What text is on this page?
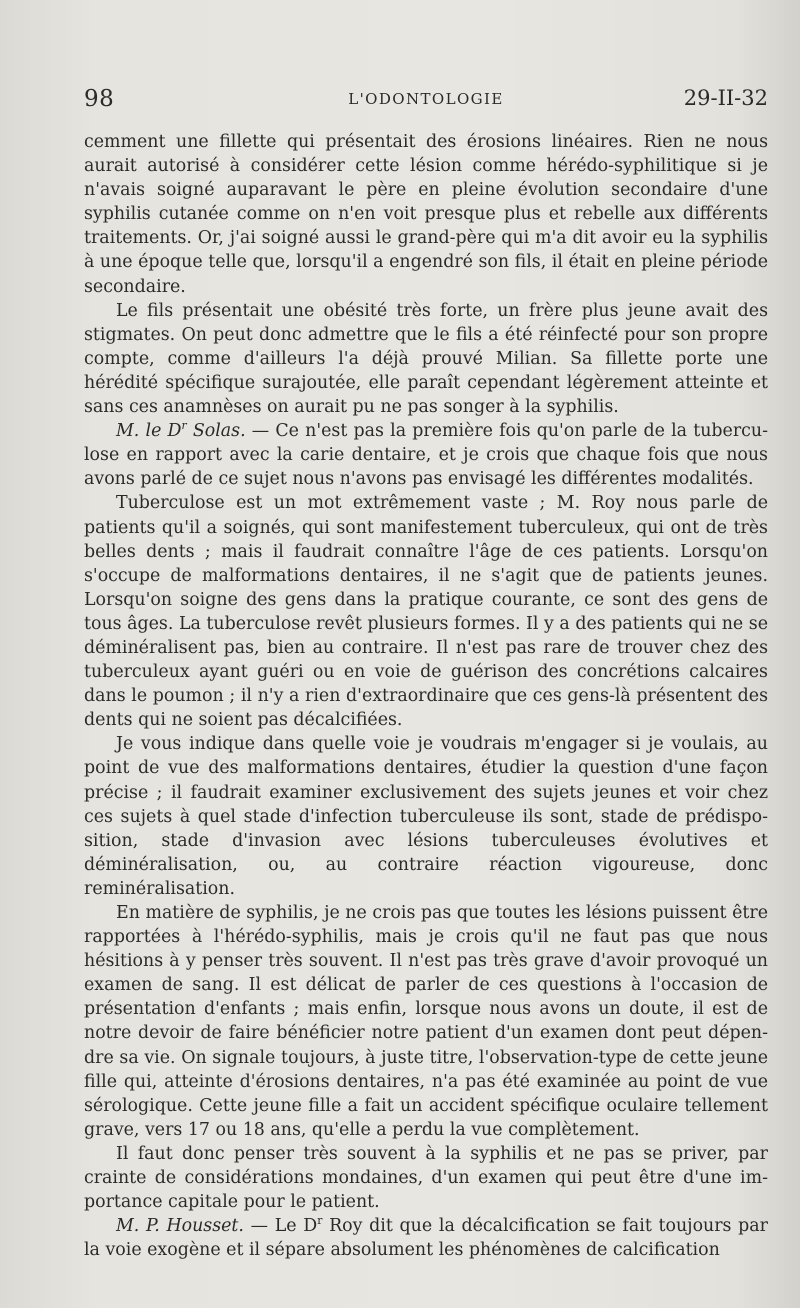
98	L'ODONTOLOGIE	29-II-32

cemment une fillette qui présentait des érosions linéaires. Rien ne nous aurait autorisé à considérer cette lésion comme hérédo-syphilitique si je n'avais soigné auparavant le père en pleine évolution secondaire d'une syphilis cutanée comme on n'en voit presque plus et rebelle aux différents traitements. Or, j'ai soigné aussi le grand-père qui m'a dit avoir eu la syphilis à une époque telle que, lorsqu'il a engendré son fils, il était en pleine période secondaire.

Le fils présentait une obésité très forte, un frère plus jeune avait des stigmates. On peut donc admettre que le fils a été réinfecté pour son propre compte, comme d'ailleurs l'a déjà prouvé Milian. Sa fillette porte une hérédité spécifique surajoutée, elle paraît cependant légèrement atteinte et sans ces anamnèses on aurait pu ne pas songer à la syphilis.

M. le $D^r$ Solas. — Ce n'est pas la première fois qu'on parle de la tuberculose en rapport avec la carie dentaire, et je crois que chaque fois que nous avons parlé de ce sujet nous n'avons pas envisagé les différentes modalités.

Tuberculose est un mot extrêmement vaste ; M. Roy nous parle de patients qu'il a soignés, qui sont manifestement tuberculeux, qui ont de très belles dents ; mais il faudrait connaître l'âge de ces patients. Lorsqu'on s'occupe de malformations dentaires, il ne s'agit que de patients jeunes. Lorsqu'on soigne des gens dans la pratique courante, ce sont des gens de tous âges. La tuberculose revêt plusieurs formes. Il y a des patients qui ne se déminéralisent pas, bien au contraire. Il n'est pas rare de trouver chez des tuberculeux ayant guéri ou en voie de guérison des concrétions calcaires dans le poumon ; il n'y a rien d'extraordinaire que ces gens-là présentent des dents qui ne soient pas décalcifiées.

Je vous indique dans quelle voie je voudrais m'engager si je voulais, au point de vue des malformations dentaires, étudier la question d'une façon précise ; il faudrait examiner exclusivement des sujets jeunes et voir chez ces sujets à quel stade d'infection tuberculeuse ils sont, stade de prédisposition, stade d'invasion avec lésions tuberculeuses évolutives et déminéralisation, ou, au contraire réaction vigoureuse, donc reminéralisation.

En matière de syphilis, je ne crois pas que toutes les lésions puissent être rapportées à l'hérédo-syphilis, mais je crois qu'il ne faut pas que nous hésitions à y penser très souvent. Il n'est pas très grave d'avoir provoqué un examen de sang. Il est délicat de parler de ces questions à l'occasion de présentation d'enfants ; mais enfin, lorsque nous avons un doute, il est de notre devoir de faire bénéficier notre patient d'un examen dont peut dépendre sa vie. On signale toujours, à juste titre, l'observation-type de cette jeune fille qui, atteinte d'érosions dentaires, n'a pas été examinée au point de vue sérologique. Cette jeune fille a fait un accident spécifique oculaire tellement grave, vers 17 ou 18 ans, qu'elle a perdu la vue complètement.

Il faut donc penser très souvent à la syphilis et ne pas se priver, par crainte de considérations mondaines, d'un examen qui peut être d'une importance capitale pour le patient.

M. P. Housset. — Le $D^r$ Roy dit que la décalcification se fait toujours par la voie exogène et il sépare absolument les phénomènes de calcification
